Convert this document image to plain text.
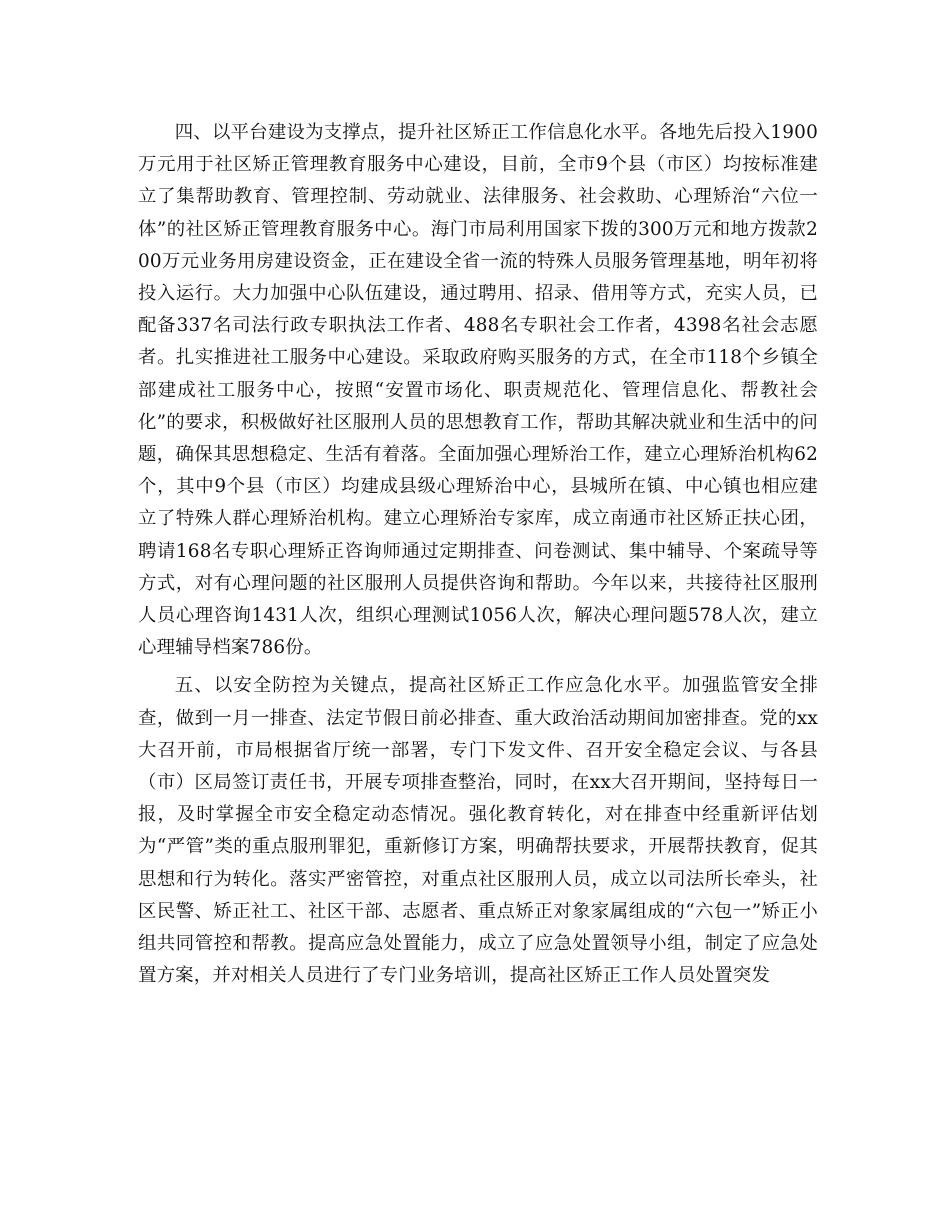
四、以平台建设为支撑点，提升社区矫正工作信息化水平。各地先后投入1900万元用于社区矫正管理教育服务中心建设，目前，全市9个县（市区）均按标准建立了集帮助教育、管理控制、劳动就业、法律服务、社会救助、心理矫治“六位一体”的社区矫正管理教育服务中心。海门市局利用国家下拨的300万元和地方拨款200万元业务用房建设资金，正在建设全省一流的特殊人员服务管理基地，明年初将投入运行。大力加强中心队伍建设，通过聘用、招录、借用等方式，充实人员，已配备337名司法行政专职执法工作者、488名专职社会工作者，4398名社会志愿者。扎实推进社工服务中心建设。采取政府购买服务的方式，在全市118个乡镇全部建成社工服务中心，按照“安置市场化、职责规范化、管理信息化、帮教社会化”的要求，积极做好社区服刑人员的思想教育工作，帮助其解决就业和生活中的问题，确保其思想稳定、生活有着落。全面加强心理矫治工作，建立心理矫治机构62个，其中9个县（市区）均建成县级心理矫治中心，县城所在镇、中心镇也相应建立了特殊人群心理矫治机构。建立心理矫治专家库，成立南通市社区矫正扶心团，聘请168名专职心理矫正咨询师通过定期排查、问卷测试、集中辅导、个案疏导等方式，对有心理问题的社区服刑人员提供咨询和帮助。今年以来，共接待社区服刑人员心理咨询1431人次，组织心理测试1056人次，解决心理问题578人次，建立心理辅导档案786份。

五、以安全防控为关键点，提高社区矫正工作应急化水平。加强监管安全排查，做到一月一排查、法定节假日前必排查、重大政治活动期间加密排查。党的xx大召开前，市局根据省厅统一部署，专门下发文件、召开安全稳定会议、与各县（市）区局签订责任书，开展专项排查整治，同时，在xx大召开期间，坚持每日一报，及时掌握全市安全稳定动态情况。强化教育转化，对在排查中经重新评估划为“严管”类的重点服刑罪犯，重新修订方案，明确帮扶要求，开展帮扶教育，促其思想和行为转化。落实严密管控，对重点社区服刑人员，成立以司法所长牵头，社区民警、矫正社工、社区干部、志愿者、重点矫正对象家属组成的“六包一”矫正小组共同管控和帮教。提高应急处置能力，成立了应急处置领导小组，制定了应急处置方案，并对相关人员进行了专门业务培训，提高社区矫正工作人员处置突发
